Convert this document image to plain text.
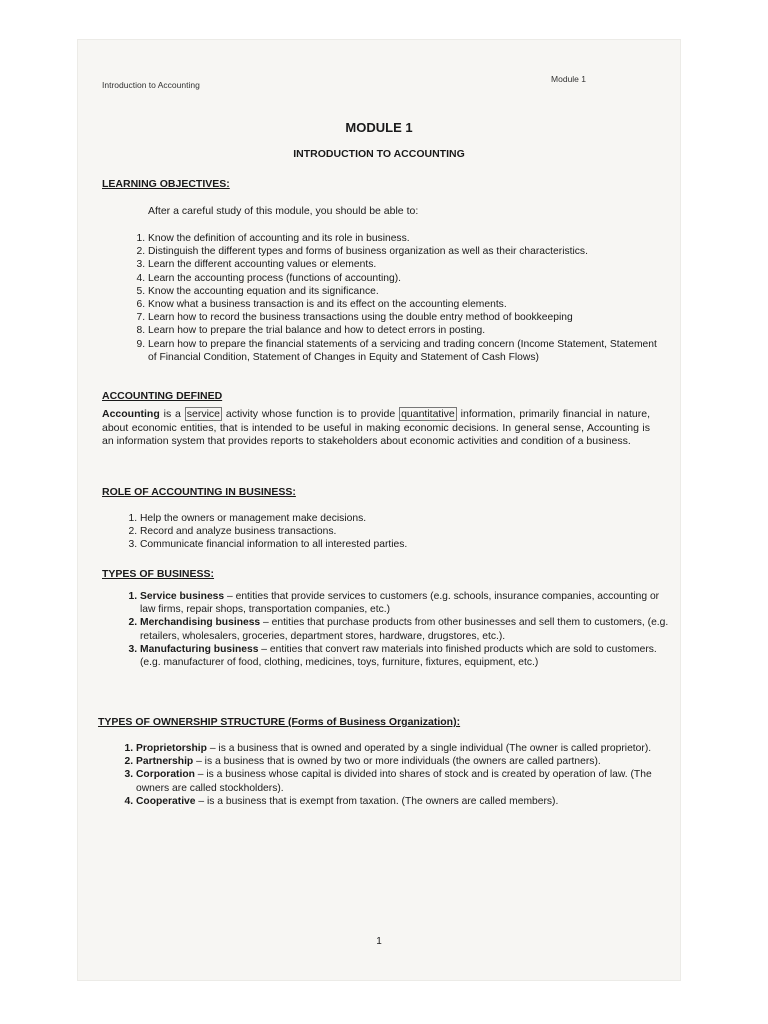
Introduction to Accounting
Module 1
MODULE 1
INTRODUCTION TO ACCOUNTING
LEARNING OBJECTIVES:
After a careful study of this module, you should be able to:
1. Know the definition of accounting and its role in business.
2. Distinguish the different types and forms of business organization as well as their characteristics.
3. Learn the different accounting values or elements.
4. Learn the accounting process (functions of accounting).
5. Know the accounting equation and its significance.
6. Know what a business transaction is and its effect on the accounting elements.
7. Learn how to record the business transactions using the double entry method of bookkeeping
8. Learn how to prepare the trial balance and how to detect errors in posting.
9. Learn how to prepare the financial statements of a servicing and trading concern (Income Statement, Statement of Financial Condition, Statement of Changes in Equity and Statement of Cash Flows)
ACCOUNTING DEFINED
Accounting is a service activity whose function is to provide quantitative information, primarily financial in nature, about economic entities, that is intended to be useful in making economic decisions. In general sense, Accounting is an information system that provides reports to stakeholders about economic activities and condition of a business.
ROLE OF ACCOUNTING IN BUSINESS:
1. Help the owners or management make decisions.
2. Record and analyze business transactions.
3. Communicate financial information to all interested parties.
TYPES OF BUSINESS:
1. Service business – entities that provide services to customers (e.g. schools, insurance companies, accounting or law firms, repair shops, transportation companies, etc.)
2. Merchandising business – entities that purchase products from other businesses and sell them to customers, (e.g. retailers, wholesalers, groceries, department stores, hardware, drugstores, etc.).
3. Manufacturing business – entities that convert raw materials into finished products which are sold to customers. (e.g. manufacturer of food, clothing, medicines, toys, furniture, fixtures, equipment, etc.)
TYPES OF OWNERSHIP STRUCTURE (Forms of Business Organization):
1. Proprietorship – is a business that is owned and operated by a single individual (The owner is called proprietor).
2. Partnership – is a business that is owned by two or more individuals (the owners are called partners).
3. Corporation – is a business whose capital is divided into shares of stock and is created by operation of law. (The owners are called stockholders).
4. Cooperative – is a business that is exempt from taxation. (The owners are called members).
1
